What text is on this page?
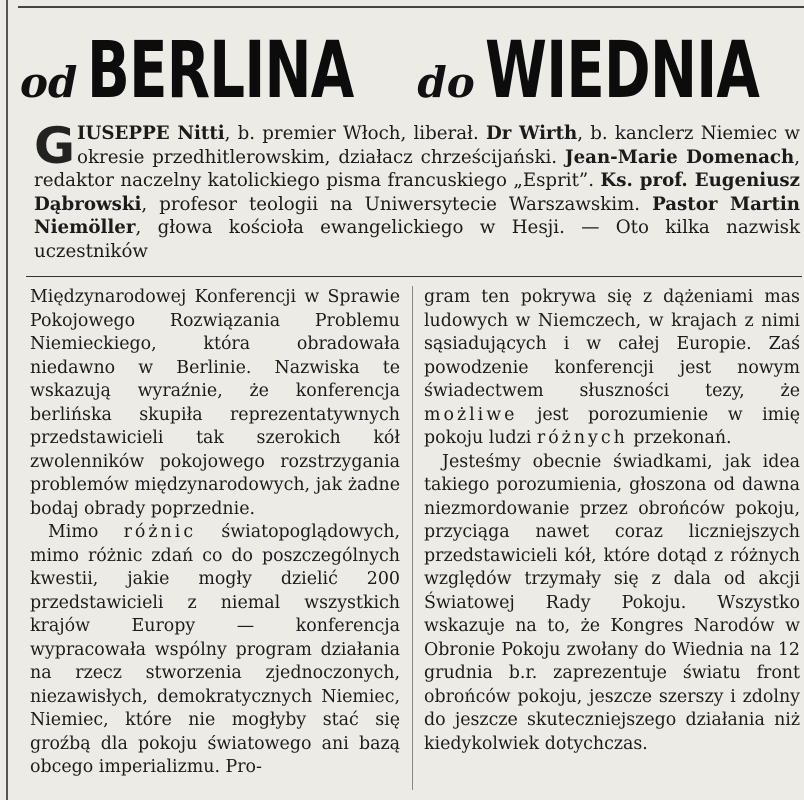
od BERLINA do WIEDNIA
GIUSEPPE Nitti, b. premier Włoch, liberał. Dr Wirth, b. kanclerz Niemiec w okresie przedhitlerowskim, działacz chrześcijański. Jean-Marie Domenach, redaktor naczelny katolickiego pisma francuskiego „Esprit”. Ks. prof. Eugeniusz Dąbrowski, profesor teologii na Uniwersytecie Warszawskim. Pastor Martin Niemöller, głowa kościoła ewangelickiego w Hesji. — Oto kilka nazwisk uczestników

Międzynarodowej Konferencji w Sprawie Pokojowego Rozwiązania Problemu Niemieckiego, która obradowała niedawno w Berlinie. Nazwiska te wskazują wyraźnie, że konferencja berlińska skupiła reprezentatywnych przedstawicieli tak szerokich kół zwolenników pokojowego rozstrzygania problemów międzynarodowych, jak żadne bodaj obrady poprzednie.

Mimo różnic światopoglądowych, mimo różnic zdań co do poszczególnych kwestii, jakie mogły dzielić 200 przedstawicieli z niemal wszystkich krajów Europy — konferencja wypracowała wspólny program działania na rzecz stworzenia zjednoczonych, niezawisłych, demokratycznych Niemiec, Niemiec, które nie mogłyby stać się groźbą dla pokoju światowego ani bazą obcego imperializmu. Pro-

gram ten pokrywa się z dążeniami mas ludowych w Niemczech, w krajach z nimi sąsiadujących i w całej Europie. Zaś powodzenie konferencji jest nowym świadectwem słuszności tezy, że możliwe jest porozumienie w imię pokoju ludzi różnych przekonań.

Jesteśmy obecnie świadkami, jak idea takiego porozumienia, głoszona od dawna niezmordowanie przez obrońców pokoju, przyciąga nawet coraz liczniejszych przedstawicieli kół, które dotąd z różnych względów trzymały się z dala od akcji Światowej Rady Pokoju. Wszystko wskazuje na to, że Kongres Narodów w Obronie Pokoju zwołany do Wiednia na 12 grudnia b.r. zaprezentuje światu front obrońców pokoju, jeszcze szerszy i zdolny do jeszcze skuteczniejszego działania niż kiedykolwiek dotychczas.
